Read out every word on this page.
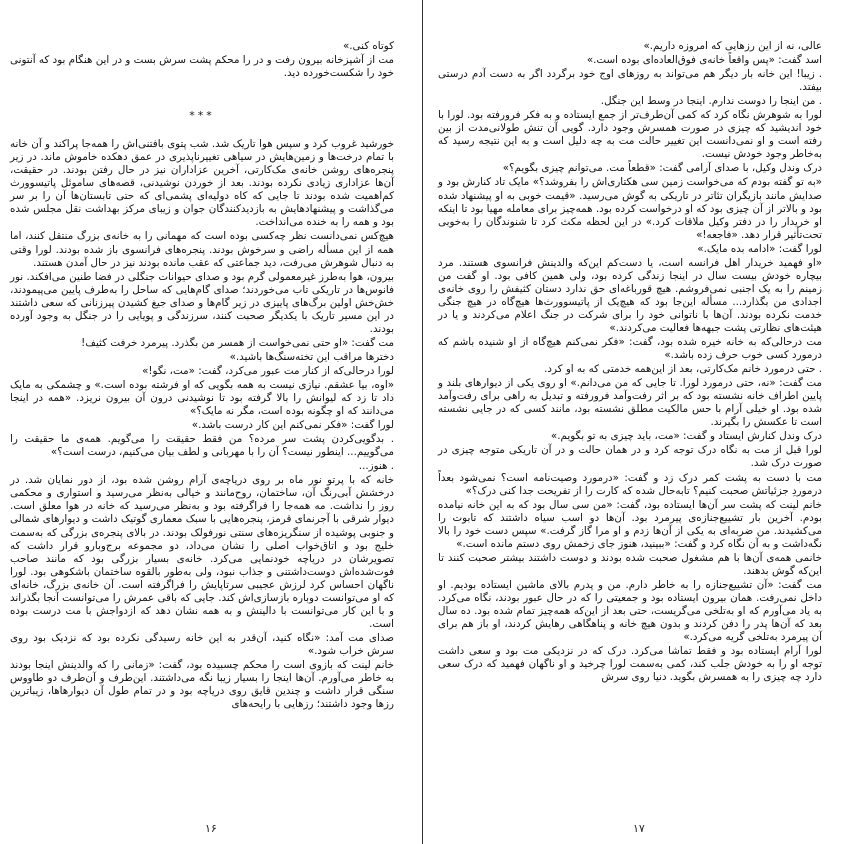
کوتاه کنی.»

مت از آشپزخانه بیرون رفت و در را محکم پشت سرش بست و در این هنگام بود که آنتونی خود را شکست‌خورده دید.

***

خورشید غروب کرد و سپس هوا تاریک شد. شب پتوی بافتنی‌اش را همه‌جا پراکند و آن خانه با تمام درخت‌ها و زمین‌هایش در سیاهی تغییرناپذیری در عمق دهکده خاموش ماند. در زیر پنجره‌های روشن خانه‌ی مک‌کارتی، آخرین عزاداران نیز در حال رفتن بودند. در حقیقت، آن‌ها عزاداری زیادی نکرده بودند. بعد از خوردن نوشیدنی، قصه‌های ساموئل پاتیسوورث کم‌اهمیت شده بودند تا جایی که کاه دولیه‌ای پشمی‌ای که حتی تابستان‌ها آن را بر سر می‌گذاشت و پیشنهادهایش به بازدیدکنندگان جوان و زیبای مرکز بهداشت نقل مجلس شده بود و همه را به خنده می‌انداخت.

هیچ‌کس نمی‌دانست نظر چه‌کسی بوده است که مهمانی را به خانه‌ی بزرگ منتقل کنند، اما همه از این مسأله راضی و سرخوش بودند. پنجره‌های فرانسوی باز شده بودند. لورا وقتی به دنبال شوهرش می‌رفت، دید جماعتی که عقب مانده بودند نیز در حال آمدن هستند.

بیرون، هوا به‌طرز غیرمعمولی گرم بود و صدای حیوانات جنگلی در فضا طنین می‌افکند. نور فانوس‌ها در تاریکی تاب می‌خوردند؛ صدای گام‌هایی که ساحل را به‌طرف پایین می‌پیمودند، خش‌خش اولین برگ‌های پاییزی در زیر گام‌ها و صدای جیغ کشیدن پیرزنانی که سعی داشتند در این مسیر تاریک با یکدیگر صحبت کنند، سرزندگی و پویایی را در جنگل به وجود آورده بودند.

مت گفت: «او حتی نمی‌خواست از همسر من بگذرد. پیرمرد خرفت کثیف!

دخترها مراقب این تخته‌سنگ‌ها باشید.»

لورا درحالی‌که از کنار مت عبور می‌کرد، گفت: «مت، نگو!»

«اوه، بیا عشقم. نیازی نیست به همه بگویی که او فرشته بوده است.» و چشمکی به مایک داد تا زد که لیوانش را بالا گرفته بود تا نوشیدنی درون آن بیرون نریزد. «همه در اینجا می‌دانند که او چگونه بوده است، مگر نه مایک؟»

لورا گفت: «فکر نمی‌کنم این کار درست باشد.»

. بدگویی‌کردن پشت سر مرده؟ من فقط حقیقت را می‌گویم. همه‌ی ما حقیقت را می‌گوییم... اینطور نیست؟ آن را با مهربانی و لطف بیان می‌کنیم، درست است؟»

. هنوز...

خانه که با پرتو نور ماه بر روی دریاچه‌ی آرام روشن شده بود، از دور نمایان شد. در درخشش آبی‌رنگ آن، ساختمان، روح‌مانند و خیالی به‌نظر می‌رسید و استواری و محکمی روز را نداشت. مه همه‌جا را فراگرفته بود و به‌نظر می‌رسید که خانه در هوا معلق است. دیوار شرقی با آجرنمای قرمز، پنجره‌هایی با سبک معماری گوتیک داشت و دیوارهای شمالی و جنوبی پوشیده از سنگریزه‌های سنتی نورفولک بودند. در بالای پنجره‌ی بزرگی که به‌سمت خلیج بود و اتاق‌خواب اصلی را نشان می‌داد، دو مجموعه برج‌وبارو قرار داشت که تصویرشان در دریاچه خودنمایی می‌کرد. خانه‌ی بسیار بزرگی بود که مانند صاحب فوت‌شده‌اش دوست‌داشتنی و جذاب نبود، ولی به‌طور بالقوه ساختمان باشکوهی بود. لورا ناگهان احساس کرد لرزش عجیبی سرتاپایش را فراگرفته است. آن خانه‌ی بزرگ، خانه‌ای که او می‌توانست دوباره بازسازی‌اش کند. جایی که باقی عمرش را می‌توانست آنجا بگذراند و با این کار می‌توانست با دالینش و به همه نشان دهد که ازدواجش با مت درست بوده است.

صدای مت آمد: «نگاه کنید، آن‌قدر به این خانه رسیدگی نکرده بود که نزدیک بود روی سرش خراب شود.»

خانم لینت که بازوی است را محکم چسبیده بود، گفت: «زمانی را که والدینش اینجا بودند به خاطر می‌آورم. آن‌ها اینجا را بسیار زیبا نگه می‌داشتند. این‌طرف و آن‌طرف دو طاووس سنگی قرار داشت و چندین قایق روی دریاچه بود و در تمام طول آن دیوارها‌ها، زیباترین رزها وجود داشتند؛ رزهایی با رایحه‌های

عالی، نه از این رزهایی که امروزه داریم.»

اسد گفت: «پس واقعاً خانه‌ی فوق‌العاده‌ای بوده است.»

. زیبا! این خانه بار دیگر هم می‌تواند به روزهای اوج خود برگردد اگر به دست آدم درستی بیفتد.

. من اینجا را دوست ندارم. اینجا در وسط این جنگل.

لورا به شوهرش نگاه کرد که کمی آن‌طرف‌تر از جمع ایستاده و به فکر فرورفته بود. لورا با خود اندیشید که چیزی در صورت همسرش وجود دارد. گویی آن تنش طولانی‌مدت از بین رفته است و او نمی‌دانست این تغییر حالت مت به چه دلیل است و به این نتیجه رسید که به‌خاطر وجود خودش نیست.

درک وندل وکیل، با صدای آرامی گفت: «قطعاً مت. می‌توانم چیزی بگویم؟»

«به تو گفته بودم که می‌خواست زمین سی هکتاری‌اش را بفروشد؟» مایک تاد کنارش بود و صدایش مانند بازیگران تئاتر در تاریکی به گوش می‌رسید. «قیمت خوبی به او پیشنهاد شده بود و بالاتر از آن چیزی بود که او درخواست کرده بود. همه‌چیز برای معامله مهیا بود تا اینکه او خریدار را در دفتر وکیل ملاقات کرد.» در این لحظه مکث کرد تا شنوندگان را به‌خوبی تحت‌تأثیر قرار دهد. «فاجعه!»

لورا گفت: «ادامه بده مایک.»

«او فهمید خریدار اهل فرانسه است، یا دست‌کم این‌که والدینش فرانسوی هستند. مرد بیچاره خودش بیست سال در اینجا زندگی کرده بود، ولی همین کافی بود. او گفت من زمینم را به یک اجنبی نمی‌فروشم. هیچ قورباغه‌ای حق ندارد دستان کثیفش را روی خانه‌ی اجدادی من بگذارد... مسأله این‌جا بود که هیچ‌یک از پاتیسوورث‌ها هیچ‌گاه در هیچ جنگی خدمت نکرده بودند. آن‌ها با ناتوانی خود را برای شرکت در جنگ اعلام می‌کردند و یا در هیئت‌های نظارتی پشت جبهه‌ها فعالیت می‌کردند.»

مت درحالی‌که به خانه خیره شده بود، گفت: «فکر نمی‌کنم هیچ‌گاه از او شنیده باشم که درمورد کسی خوب حرف زده باشد.»

. حتی درمورد خانم مک‌کارتی، بعد از این‌همه خدمتی که به او کرد.

مت گفت: «نه، حتی درمورد لورا. تا جایی که من می‌دانم.» او روی یکی از دیوارهای بلند و پایین اطراف خانه نشسته بود که بر اثر رفت‌وآمد فرورفته و تبدیل به راهی برای رفت‌وآمد شده بود. او خیلی آرام با حس مالکیت مطلق نشسته بود، مانند کسی که در جایی نشسته است تا عکسش را بگیرند.

درک وندل کنارش ایستاد و گفت: «مت، باید چیزی به تو بگویم.»

لورا قبل از مت به نگاه درک توجه کرد و در همان حالت و در آن تاریکی متوجه چیزی در صورت درک شد.

مت با دست به پشت کمر درک زد و گفت: «درمورد وصیت‌نامه است؟ نمی‌شود بعداً درموردِ جزئیاتش صحبت کنیم؟ تابه‌حال شده که کارت را از تفریحت جدا کنی درک؟»

خانم لینت که پشت سر آن‌ها ایستاده بود، گفت: «من سی سال بود که به این خانه نیامده بودم. آخرین بار تشییع‌جنازه‌ی پیرمرد بود. آن‌ها دو اسب سیاه داشتند که تابوت را می‌کشیدند. من ضربه‌ای به یکی از آن‌ها زدم و او مرا گاز گرفت.» سپس دست خود را بالا نگه‌داشت و به آن نگاه کرد و گفت: «ببینید، هنوز جای زخمش روی دستم مانده است.»

خانمی همه‌ی آن‌ها با هم مشغول صحبت شده بودند و دوست داشتند بیشتر صحبت کنند تا این‌که گوش بدهند.

مت گفت: «آن تشییع‌جنازه را به خاطر دارم. من و پدرم بالای ماشین ایستاده بودیم. او داخل نمی‌رفت. همان بیرون ایستاده بود و جمعیتی را که در حال عبور بودند، نگاه می‌کرد. به یاد می‌آورم که او به‌تلخی می‌گریست، حتی بعد از این‌که همه‌چیز تمام شده بود. ده سال بعد که آن‌ها پدر را دفن کردند و بدون هیچ خانه و پناهگاهی رهایش کردند، او باز هم برای آن پیرمرد به‌تلخی گریه می‌کرد.»

لورا آرام ایستاده بود و فقط تماشا می‌کرد. درک که در نزدیکی مت بود و سعی داشت توجه او را به خودش جلب کند، کمی به‌سمت لورا چرخید و او ناگهان فهمید که درک سعی دارد چه چیزی را به همسرش بگوید. دنیا روی سرش

۱۶	۱۷
